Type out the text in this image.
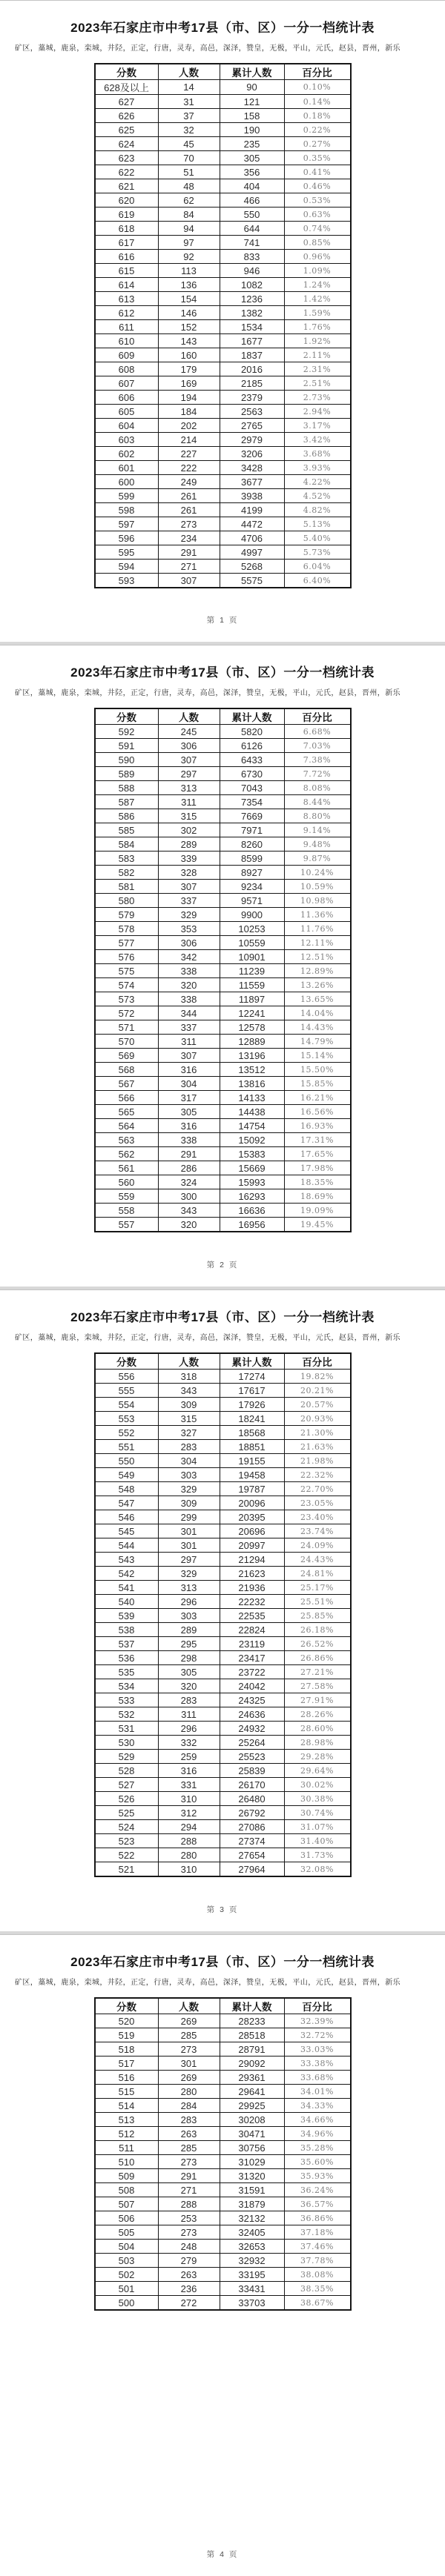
2023年石家庄市中考17县（市、区）一分一档统计表

矿区，藁城，鹿泉，栾城，井陉，正定，行唐，灵寿，高邑，深泽，赞皇，无极，平山，元氏，赵县，晋州，新乐

分数	人数	累计人数	百分比
628及以上	14	90	0.10%
627	31	121	0.14%
626	37	158	0.18%
625	32	190	0.22%
624	45	235	0.27%
623	70	305	0.35%
622	51	356	0.41%
621	48	404	0.46%
620	62	466	0.53%
619	84	550	0.63%
618	94	644	0.74%
617	97	741	0.85%
616	92	833	0.96%
615	113	946	1.09%
614	136	1082	1.24%
613	154	1236	1.42%
612	146	1382	1.59%
611	152	1534	1.76%
610	143	1677	1.92%
609	160	1837	2.11%
608	179	2016	2.31%
607	169	2185	2.51%
606	194	2379	2.73%
605	184	2563	2.94%
604	202	2765	3.17%
603	214	2979	3.42%
602	227	3206	3.68%
601	222	3428	3.93%
600	249	3677	4.22%
599	261	3938	4.52%
598	261	4199	4.82%
597	273	4472	5.13%
596	234	4706	5.40%
595	291	4997	5.73%
594	271	5268	6.04%
593	307	5575	6.40%
第 1 页
2023年石家庄市中考17县（市、区）一分一档统计表

矿区，藁城，鹿泉，栾城，井陉，正定，行唐，灵寿，高邑，深泽，赞皇，无极，平山，元氏，赵县，晋州，新乐

分数	人数	累计人数	百分比
592	245	5820	6.68%
591	306	6126	7.03%
590	307	6433	7.38%
589	297	6730	7.72%
588	313	7043	8.08%
587	311	7354	8.44%
586	315	7669	8.80%
585	302	7971	9.14%
584	289	8260	9.48%
583	339	8599	9.87%
582	328	8927	10.24%
581	307	9234	10.59%
580	337	9571	10.98%
579	329	9900	11.36%
578	353	10253	11.76%
577	306	10559	12.11%
576	342	10901	12.51%
575	338	11239	12.89%
574	320	11559	13.26%
573	338	11897	13.65%
572	344	12241	14.04%
571	337	12578	14.43%
570	311	12889	14.79%
569	307	13196	15.14%
568	316	13512	15.50%
567	304	13816	15.85%
566	317	14133	16.21%
565	305	14438	16.56%
564	316	14754	16.93%
563	338	15092	17.31%
562	291	15383	17.65%
561	286	15669	17.98%
560	324	15993	18.35%
559	300	16293	18.69%
558	343	16636	19.09%
557	320	16956	19.45%
第 2 页
2023年石家庄市中考17县（市、区）一分一档统计表

矿区，藁城，鹿泉，栾城，井陉，正定，行唐，灵寿，高邑，深泽，赞皇，无极，平山，元氏，赵县，晋州，新乐

分数	人数	累计人数	百分比
556	318	17274	19.82%
555	343	17617	20.21%
554	309	17926	20.57%
553	315	18241	20.93%
552	327	18568	21.30%
551	283	18851	21.63%
550	304	19155	21.98%
549	303	19458	22.32%
548	329	19787	22.70%
547	309	20096	23.05%
546	299	20395	23.40%
545	301	20696	23.74%
544	301	20997	24.09%
543	297	21294	24.43%
542	329	21623	24.81%
541	313	21936	25.17%
540	296	22232	25.51%
539	303	22535	25.85%
538	289	22824	26.18%
537	295	23119	26.52%
536	298	23417	26.86%
535	305	23722	27.21%
534	320	24042	27.58%
533	283	24325	27.91%
532	311	24636	28.26%
531	296	24932	28.60%
530	332	25264	28.98%
529	259	25523	29.28%
528	316	25839	29.64%
527	331	26170	30.02%
526	310	26480	30.38%
525	312	26792	30.74%
524	294	27086	31.07%
523	288	27374	31.40%
522	280	27654	31.73%
521	310	27964	32.08%
第 3 页
2023年石家庄市中考17县（市、区）一分一档统计表

矿区，藁城，鹿泉，栾城，井陉，正定，行唐，灵寿，高邑，深泽，赞皇，无极，平山，元氏，赵县，晋州，新乐

分数	人数	累计人数	百分比
520	269	28233	32.39%
519	285	28518	32.72%
518	273	28791	33.03%
517	301	29092	33.38%
516	269	29361	33.68%
515	280	29641	34.01%
514	284	29925	34.33%
513	283	30208	34.66%
512	263	30471	34.96%
511	285	30756	35.28%
510	273	31029	35.60%
509	291	31320	35.93%
508	271	31591	36.24%
507	288	31879	36.57%
506	253	32132	36.86%
505	273	32405	37.18%
504	248	32653	37.46%
503	279	32932	37.78%
502	263	33195	38.08%
501	236	33431	38.35%
500	272	33703	38.67%
第 4 页
